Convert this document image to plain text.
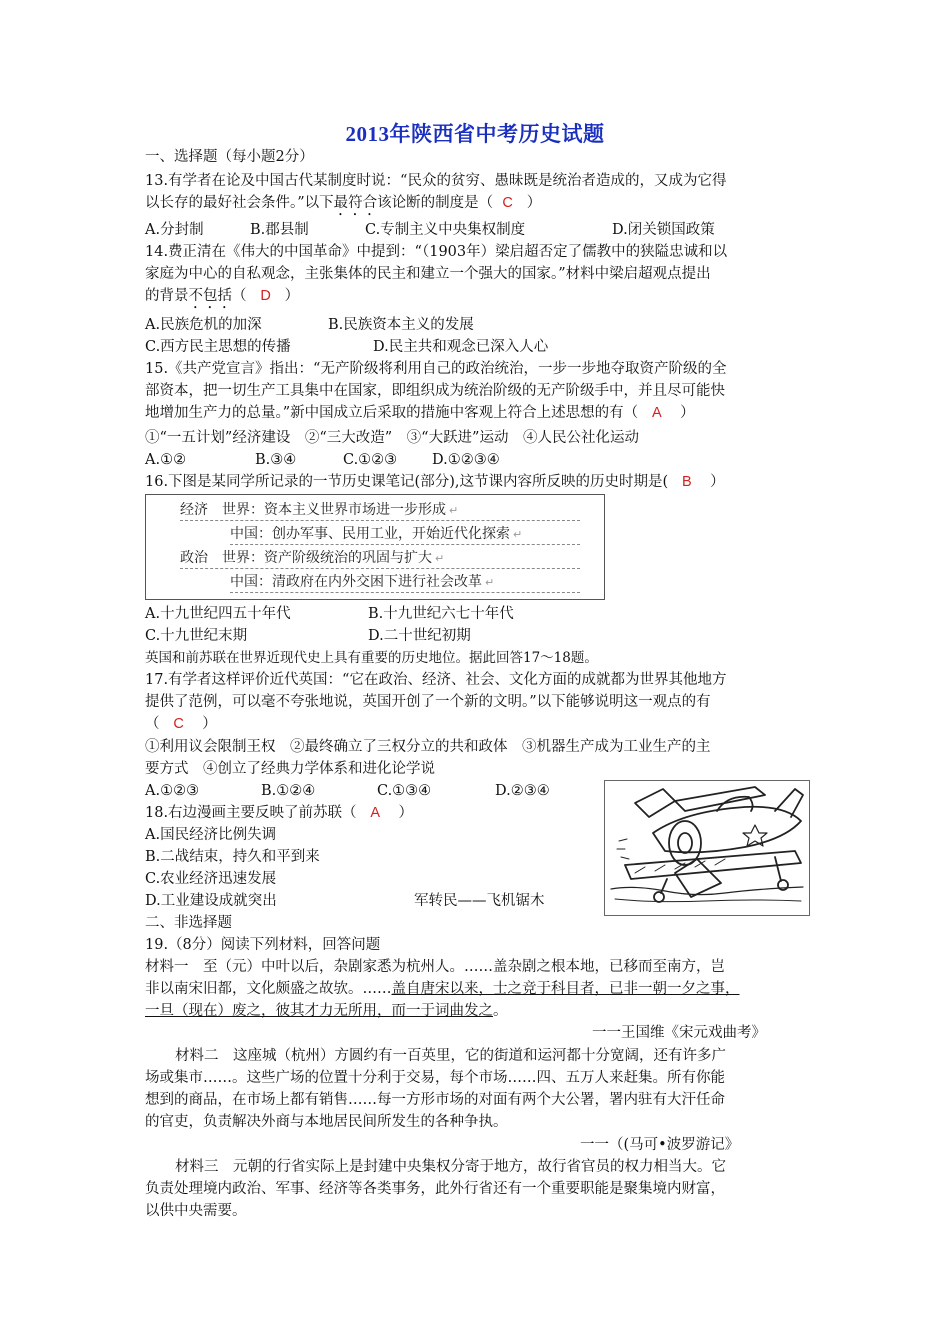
2013年陕西省中考历史试题
一、选择题（每小题2分）
13.有学者在论及中国古代某制度时说：“民众的贫穷、愚昧既是统治者造成的，又成为它得
以长存的最好社会条件。”以下最符合该论断的制度是（ C ）
A.分封制	B.郡县制	C.专制主义中央集权制度	D.闭关锁国政策
14.费正清在《伟大的中国革命》中提到：“（1903年）梁启超否定了儒教中的狭隘忠诚和以
家庭为中心的自私观念，主张集体的民主和建立一个强大的国家。”材料中梁启超观点提出
的背景不包括（ D ）
A.民族危机的加深	B.民族资本主义的发展
C.西方民主思想的传播	D.民主共和观念已深入人心
15.《共产党宣言》指出：“无产阶级将利用自己的政治统治，一步一步地夺取资产阶级的全
部资本，把一切生产工具集中在国家，即组织成为统治阶级的无产阶级手中，并且尽可能快
地增加生产力的总量。”新中国成立后采取的措施中客观上符合上述思想的有（ A ）
①“一五计划”经济建设　②“三大改造”　③“大跃进”运动　④人民公社化运动
A.①②	B.③④	C.①②③ D.①②③④
16.下图是某同学所记录的一节历史课笔记(部分),这节课内容所反映的历史时期是( B ）
经济　世界：资本主义世界市场进一步形成 ↵
中国：创办军事、民用工业，开始近代化探索 ↵
政治　世界：资产阶级统治的巩固与扩大 ↵
中国：清政府在内外交困下进行社会改革 ↵
A.十九世纪四五十年代	B.十九世纪六七十年代
C.十九世纪末期	D.二十世纪初期
英国和前苏联在世界近现代史上具有重要的历史地位。据此回答17～18题。
17.有学者这样评价近代英国：“它在政治、经济、社会、文化方面的成就都为世界其他地方
提供了范例，可以毫不夸张地说，英国开创了一个新的文明。”以下能够说明这一观点的有
（ C ）
①利用议会限制王权　②最终确立了三权分立的共和政体　③机器生产成为工业生产的主
要方式　④创立了经典力学体系和进化论学说
A.①②③	B.①②④	C.①③④	D.②③④
18.右边漫画主要反映了前苏联（ A ）
A.国民经济比例失调
B.二战结束，持久和平到来
C.农业经济迅速发展
D.工业建设成就突出	军转民——飞机锯木
二、非选择题
19.（8分）阅读下列材料，回答问题
材料一　至（元）中叶以后，杂剧家悉为杭州人。……盖杂剧之根本地，已移而至南方，岂
非以南宋旧都，文化颇盛之故欤。……盖自唐宋以来，士之竞于科目者，已非一朝一夕之事，
一旦（现在）废之，彼其才力无所用，而一于词曲发之。
一一王国维《宋元戏曲考》
材料二　这座城（杭州）方圆约有一百英里，它的街道和运河都十分宽阔，还有许多广
场或集市……。这些广场的位置十分利于交易，每个市场……四、五万人来赶集。所有你能
想到的商品，在市场上都有销售……每一方形市场的对面有两个大公署，署内驻有大汗任命
的官吏，负责解决外商与本地居民间所发生的各种争执。
一一（(马可•波罗游记》
材料三　元朝的行省实际上是封建中央集权分寄于地方，故行省官员的权力相当大。它
负责处理境内政治、军事、经济等各类事务，此外行省还有一个重要职能是聚集境内财富，
以供中央需要。
